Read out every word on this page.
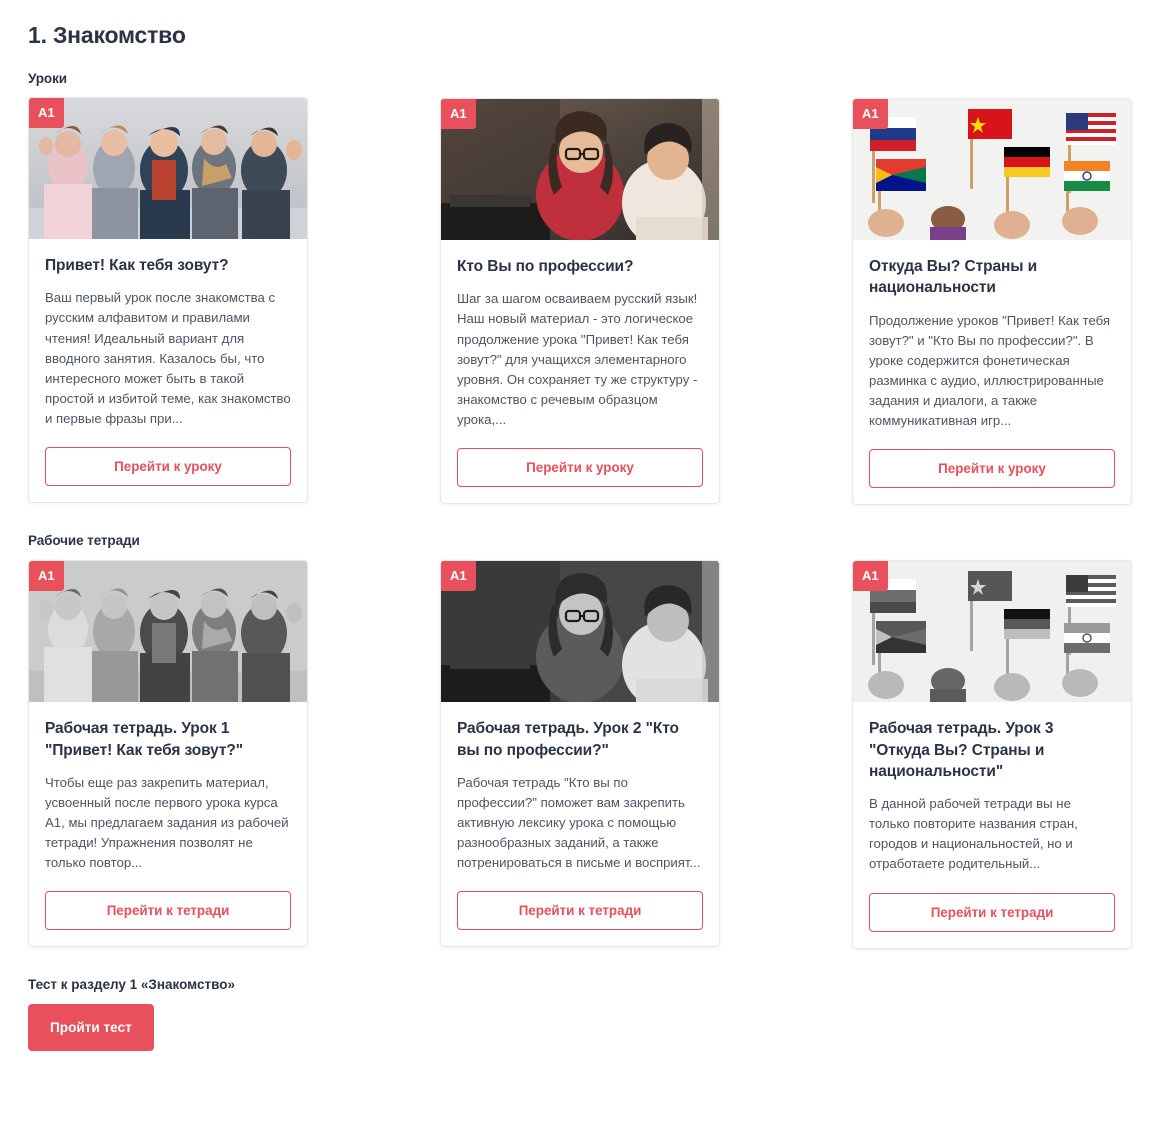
1. Знакомство
Уроки
A1
Привет! Как тебя зовут?
Ваш первый урок после знакомства с русским алфавитом и правилами чтения! Идеальный вариант для вводного занятия. Казалось бы, что интересного может быть в такой простой и избитой теме, как знакомство и первые фразы при...
Перейти к уроку
A1
Кто Вы по профессии?
Шаг за шагом осваиваем русский язык! Наш новый материал - это логическое продолжение урока "Привет! Как тебя зовут?" для учащихся элементарного уровня. Он сохраняет ту же структуру - знакомство с речевым образцом урока,...
Перейти к уроку
A1
Откуда Вы? Страны и национальности
Продолжение уроков "Привет! Как тебя зовут?" и "Кто Вы по профессии?". В уроке содержится фонетическая разминка с аудио, иллюстрированные задания и диалоги, а также коммуникативная игр...
Перейти к уроку
Рабочие тетради
A1
Рабочая тетрадь. Урок 1 "Привет! Как тебя зовут?"
Чтобы еще раз закрепить материал, усвоенный после первого урока курса A1, мы предлагаем задания из рабочей тетради! Упражнения позволят не только повтор...
Перейти к тетради
A1
Рабочая тетрадь. Урок 2 "Кто вы по профессии?"
Рабочая тетрадь "Кто вы по профессии?" поможет вам закрепить активную лексику урока с помощью разнообразных заданий, а также потренироваться в письме и восприят...
Перейти к тетради
A1
Рабочая тетрадь. Урок 3 "Откуда Вы? Страны и национальности"
В данной рабочей тетради вы не только повторите названия стран, городов и национальностей, но и отработаете родительный...
Перейти к тетради
Тест к разделу 1 «Знакомство»
Пройти тест
